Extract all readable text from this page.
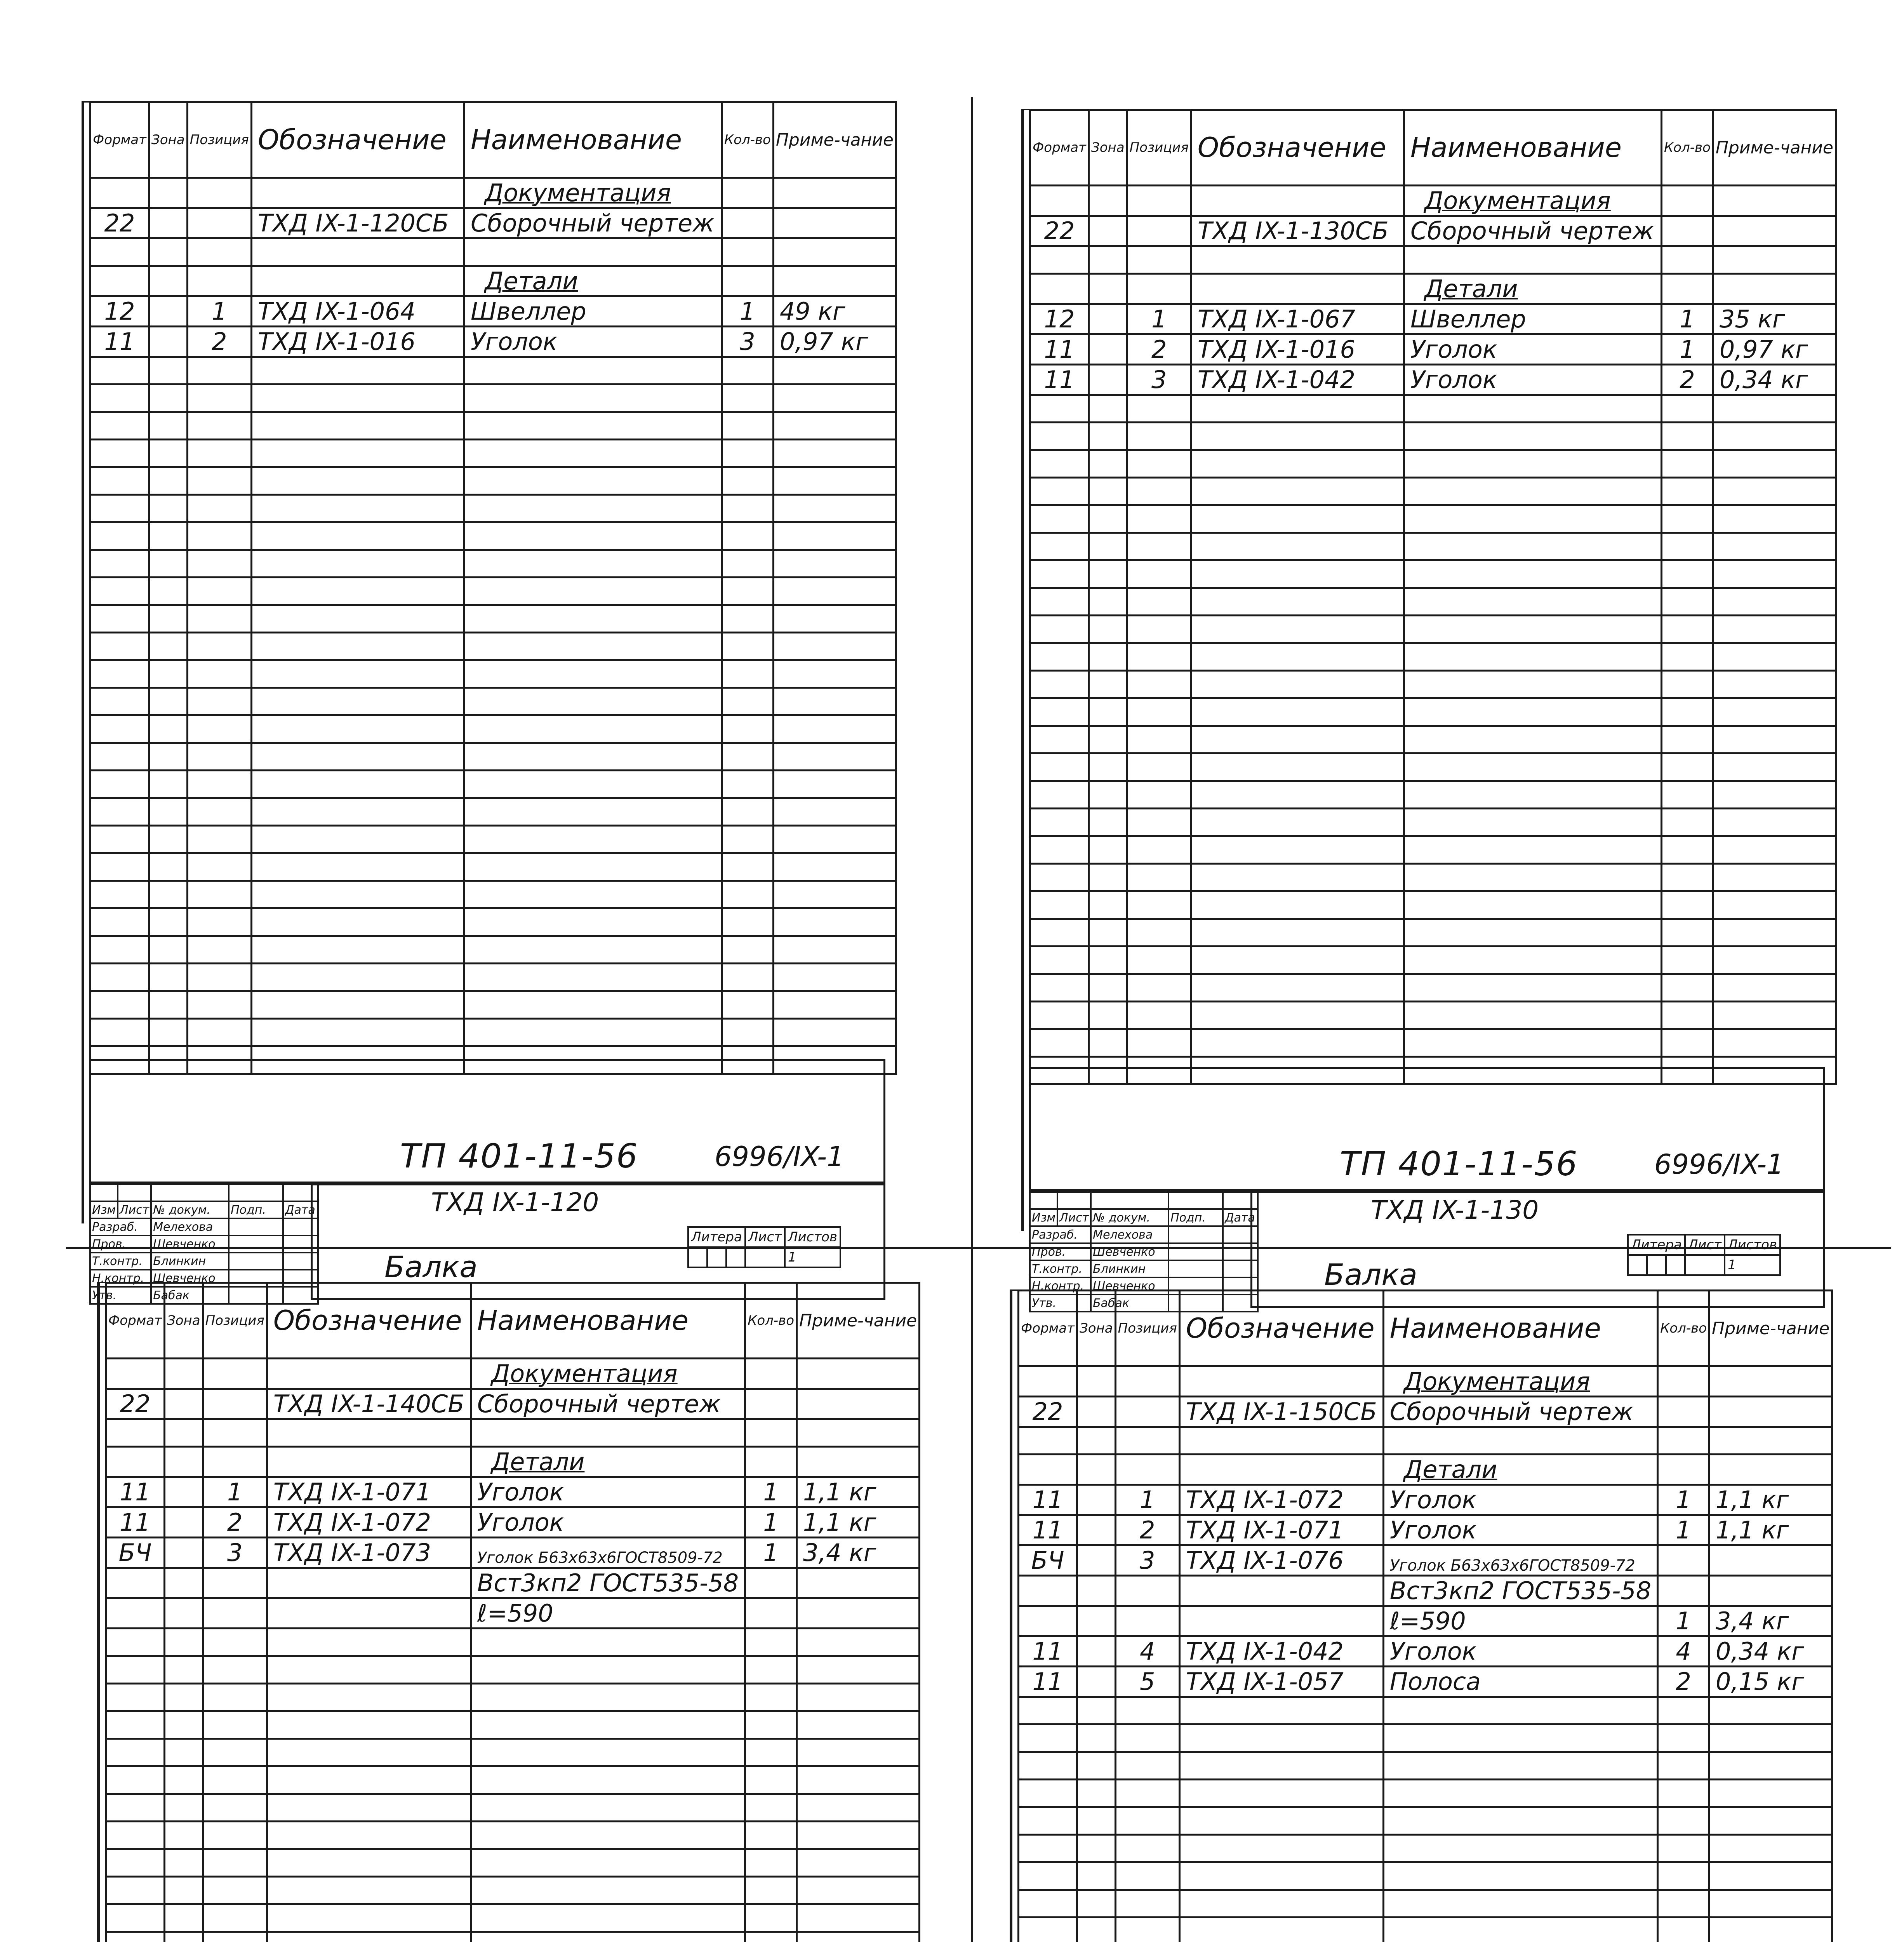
Формат	Зона	Позиция	Обозначение	Наименование	Кол-во	Приме-чание
				Документация		
22			ТХД IX-1-120СБ	Сборочный чертеж		

				Детали		
12		1	ТХД IX-1-064	Швеллер	1	49 кг
11		2	ТХД IX-1-016	Уголок	3	0,97 кг

ТП 401-11-56	6996/IX-1

Изм	Лист	№ докум.	Подп.	Дата
Разраб.		Мелехова		
Пров.		Шевченко		
Т.контр.		Блинкин		
Н.контр.		Шевченко		
Утв.		Бабак		
ТХД IX-1-120
Балка
Литера			Лист	Листов
				1
Формат	Зона	Позиция	Обозначение	Наименование	Кол-во	Приме-чание
				Документация		
22			ТХД IX-1-130СБ	Сборочный чертеж		

				Детали		
12		1	ТХД IX-1-067	Швеллер	1	35 кг
11		2	ТХД IX-1-016	Уголок	1	0,97 кг
11		3	ТХД IX-1-042	Уголок	2	0,34 кг

ТП 401-11-56	6996/IX-1

Изм	Лист	№ докум.	Подп.	Дата
Разраб.		Мелехова		
Пров.		Шевченко		
Т.контр.		Блинкин		
Н.контр.		Шевченко		
Утв.		Бабак		
ТХД IX-1-130
Балка
Литера			Лист	Листов
				1
Формат	Зона	Позиция	Обозначение	Наименование	Кол-во	Приме-чание
				Документация		
22			ТХД IX-1-140СБ	Сборочный чертеж		

				Детали		
11		1	ТХД IX-1-071	Уголок	1	1,1 кг
11		2	ТХД IX-1-072	Уголок	1	1,1 кг
БЧ		3	ТХД IX-1-073	Уголок Б63х63х6ГОСТ8509-72	1	3,4 кг
				Вст3кп2 ГОСТ535-58		
				ℓ=590		

Формат	Зона	Позиция	Обозначение	Наименование	Кол-во	Приме-чание
				Документация		
22			ТХД IX-1-150СБ	Сборочный чертеж		

				Детали		
11		1	ТХД IX-1-072	Уголок	1	1,1 кг
11		2	ТХД IX-1-071	Уголок	1	1,1 кг
БЧ		3	ТХД IX-1-076	Уголок Б63х63х6ГОСТ8509-72		
				Вст3кп2 ГОСТ535-58		
				ℓ=590	1	3,4 кг
11		4	ТХД IX-1-042	Уголок	4	0,34 кг
11		5	ТХД IX-1-057	Полоса	2	0,15 кг
